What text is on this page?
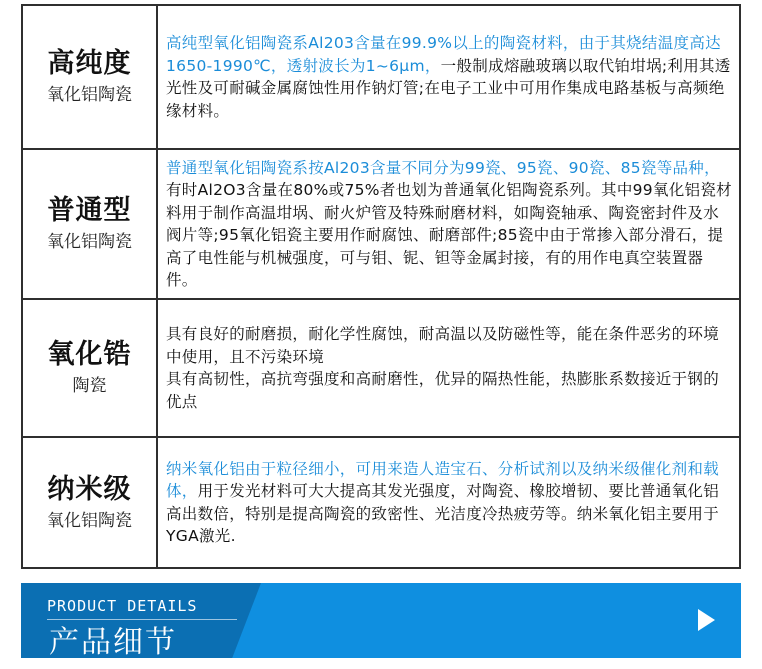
高纯度
氧化铝陶瓷
高纯型氧化铝陶瓷系Al203含量在99.9%以上的陶瓷材料，由于其烧结温度高达1650-1990℃，透射波长为1~6μm，一般制成熔融玻璃以取代铂坩埚;利用其透光性及可耐碱金属腐蚀性用作钠灯管;在电子工业中可用作集成电路基板与高频绝缘材料。
普通型
氧化铝陶瓷
普通型氧化铝陶瓷系按Al203含量不同分为99瓷、95瓷、90瓷、85瓷等品种，有时Al2O3含量在80%或75%者也划为普通氧化铝陶瓷系列。其中99氧化铝瓷材料用于制作高温坩埚、耐火炉管及特殊耐磨材料，如陶瓷轴承、陶瓷密封件及水阀片等;95氧化铝瓷主要用作耐腐蚀、耐磨部件;85瓷中由于常掺入部分滑石，提高了电性能与机械强度，可与钼、铌、钽等金属封接，有的用作电真空装置器件。
氧化锆
陶瓷
具有良好的耐磨损，耐化学性腐蚀，耐高温以及防磁性等，能在条件恶劣的环境中使用，且不污染环境
具有高韧性，高抗弯强度和高耐磨性，优异的隔热性能，热膨胀系数接近于钢的优点
纳米级
氧化铝陶瓷
纳米氧化铝由于粒径细小，可用来造人造宝石、分析试剂以及纳米级催化剂和载体，用于发光材料可大大提高其发光强度，对陶瓷、橡胶增韧、要比普通氧化铝高出数倍，特别是提高陶瓷的致密性、光洁度冷热疲劳等。纳米氧化铝主要用于YGA激光.
PRODUCT DETAILS
产品细节
